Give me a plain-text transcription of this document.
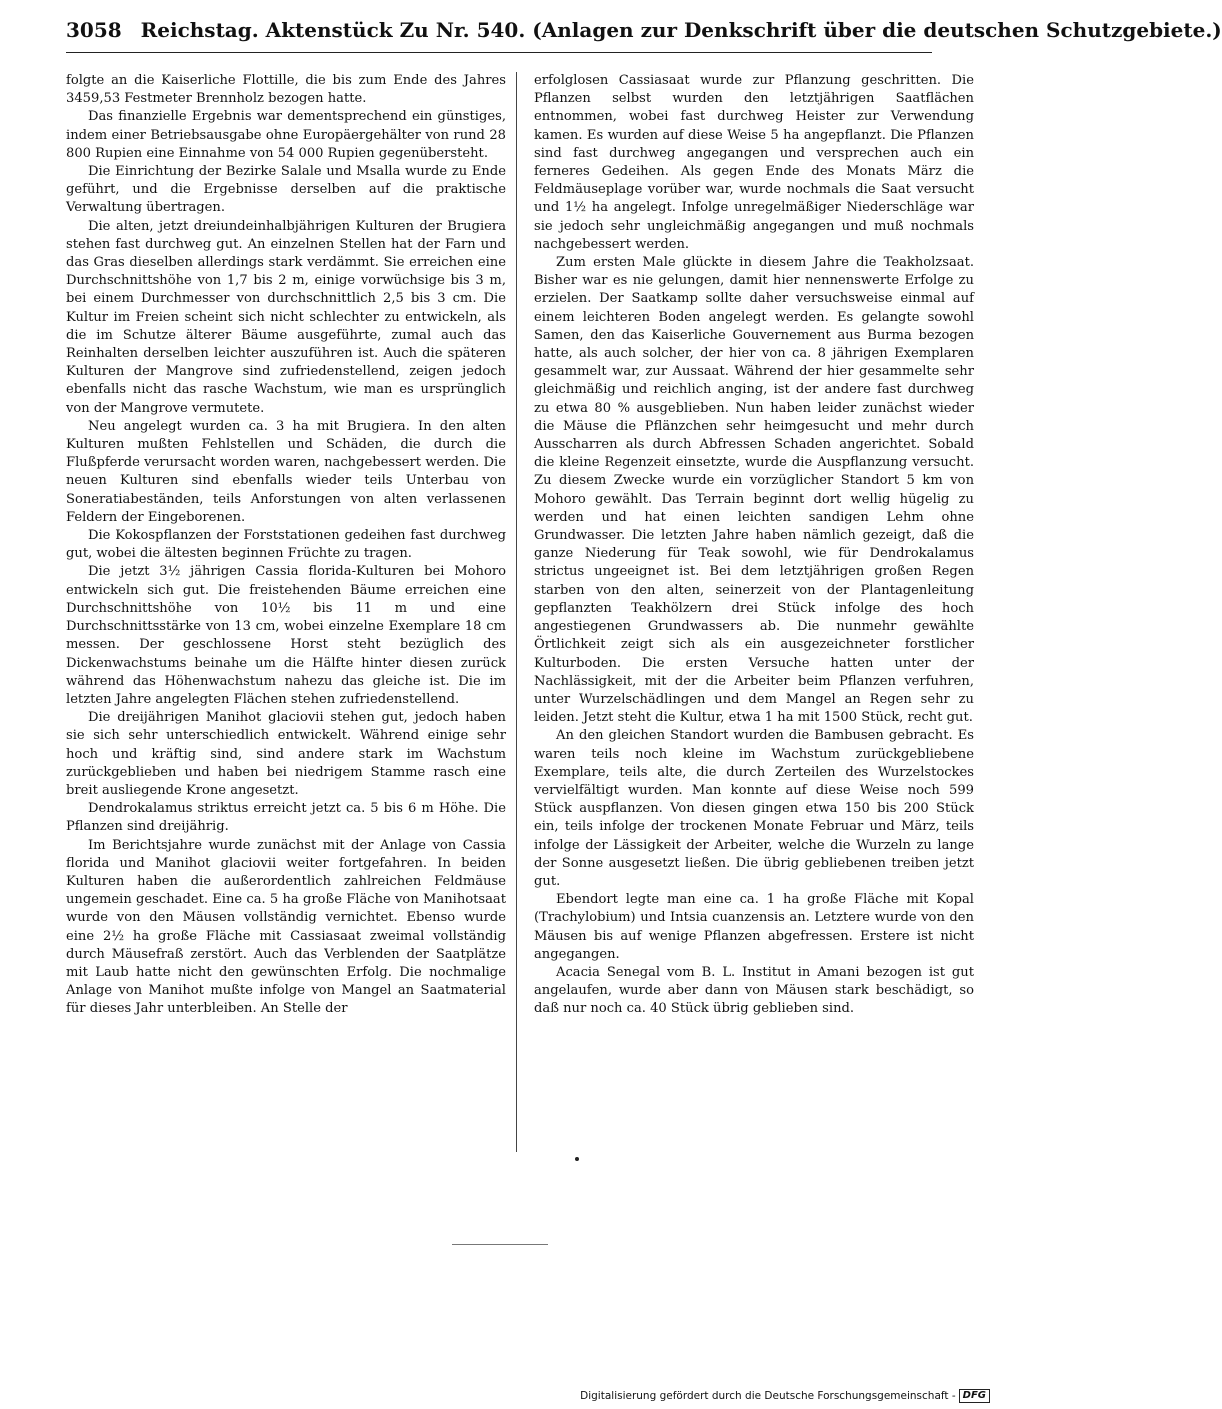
3058 Reichstag. Aktenstück Zu Nr. 540. (Anlagen zur Denkschrift über die deutschen Schutzgebiete.)

folgte an die Kaiserliche Flottille, die bis zum Ende des Jahres 3459,53 Festmeter Brennholz bezogen hatte.

Das finanzielle Ergebnis war dementsprechend ein günstiges, indem einer Betriebsausgabe ohne Europäergehälter von rund 28 800 Rupien eine Einnahme von 54 000 Rupien gegenübersteht.

Die Einrichtung der Bezirke Salale und Msalla wurde zu Ende geführt, und die Ergebnisse derselben auf die praktische Verwaltung übertragen.

Die alten, jetzt dreiundeinhalbjährigen Kulturen der Brugiera stehen fast durchweg gut. An einzelnen Stellen hat der Farn und das Gras dieselben allerdings stark verdämmt. Sie erreichen eine Durchschnittshöhe von 1,7 bis 2 m, einige vorwüchsige bis 3 m, bei einem Durchmesser von durchschnittlich 2,5 bis 3 cm. Die Kultur im Freien scheint sich nicht schlechter zu entwickeln, als die im Schutze älterer Bäume ausgeführte, zumal auch das Reinhalten derselben leichter auszuführen ist. Auch die späteren Kulturen der Mangrove sind zufriedenstellend, zeigen jedoch ebenfalls nicht das rasche Wachstum, wie man es ursprünglich von der Mangrove vermutete.

Neu angelegt wurden ca. 3 ha mit Brugiera. In den alten Kulturen mußten Fehlstellen und Schäden, die durch die Flußpferde verursacht worden waren, nachgebessert werden. Die neuen Kulturen sind ebenfalls wieder teils Unterbau von Soneratiabeständen, teils Anforstungen von alten verlassenen Feldern der Eingeborenen.

Die Kokospflanzen der Forststationen gedeihen fast durchweg gut, wobei die ältesten beginnen Früchte zu tragen.

Die jetzt 3½ jährigen Cassia florida-Kulturen bei Mohoro entwickeln sich gut. Die freistehenden Bäume erreichen eine Durchschnittshöhe von 10½ bis 11 m und eine Durchschnittsstärke von 13 cm, wobei einzelne Exemplare 18 cm messen. Der geschlossene Horst steht bezüglich des Dickenwachstums beinahe um die Hälfte hinter diesen zurück während das Höhenwachstum nahezu das gleiche ist. Die im letzten Jahre angelegten Flächen stehen zufriedenstellend.

Die dreijährigen Manihot glaciovii stehen gut, jedoch haben sie sich sehr unterschiedlich entwickelt. Während einige sehr hoch und kräftig sind, sind andere stark im Wachstum zurückgeblieben und haben bei niedrigem Stamme rasch eine breit ausliegende Krone angesetzt.

Dendrokalamus striktus erreicht jetzt ca. 5 bis 6 m Höhe. Die Pflanzen sind dreijährig.

Im Berichtsjahre wurde zunächst mit der Anlage von Cassia florida und Manihot glaciovii weiter fortgefahren. In beiden Kulturen haben die außerordentlich zahlreichen Feldmäuse ungemein geschadet. Eine ca. 5 ha große Fläche von Manihotsaat wurde von den Mäusen vollständig vernichtet. Ebenso wurde eine 2½ ha große Fläche mit Cassiasaat zweimal vollständig durch Mäusefraß zerstört. Auch das Verblenden der Saatplätze mit Laub hatte nicht den gewünschten Erfolg. Die nochmalige Anlage von Manihot mußte infolge von Mangel an Saatmaterial für dieses Jahr unterbleiben. An Stelle der

erfolglosen Cassiasaat wurde zur Pflanzung geschritten. Die Pflanzen selbst wurden den letztjährigen Saatflächen entnommen, wobei fast durchweg Heister zur Verwendung kamen. Es wurden auf diese Weise 5 ha angepflanzt. Die Pflanzen sind fast durchweg angegangen und versprechen auch ein ferneres Gedeihen. Als gegen Ende des Monats März die Feldmäuseplage vorüber war, wurde nochmals die Saat versucht und 1½ ha angelegt. Infolge unregelmäßiger Niederschläge war sie jedoch sehr ungleichmäßig angegangen und muß nochmals nachgebessert werden.

Zum ersten Male glückte in diesem Jahre die Teakholzsaat. Bisher war es nie gelungen, damit hier nennenswerte Erfolge zu erzielen. Der Saatkamp sollte daher versuchsweise einmal auf einem leichteren Boden angelegt werden. Es gelangte sowohl Samen, den das Kaiserliche Gouvernement aus Burma bezogen hatte, als auch solcher, der hier von ca. 8 jährigen Exemplaren gesammelt war, zur Aussaat. Während der hier gesammelte sehr gleichmäßig und reichlich anging, ist der andere fast durchweg zu etwa 80 % ausgeblieben. Nun haben leider zunächst wieder die Mäuse die Pflänzchen sehr heimgesucht und mehr durch Ausscharren als durch Abfressen Schaden angerichtet. Sobald die kleine Regenzeit einsetzte, wurde die Auspflanzung versucht. Zu diesem Zwecke wurde ein vorzüglicher Standort 5 km von Mohoro gewählt. Das Terrain beginnt dort wellig hügelig zu werden und hat einen leichten sandigen Lehm ohne Grundwasser. Die letzten Jahre haben nämlich gezeigt, daß die ganze Niederung für Teak sowohl, wie für Dendrokalamus strictus ungeeignet ist. Bei dem letztjährigen großen Regen starben von den alten, seinerzeit von der Plantagenleitung gepflanzten Teakhölzern drei Stück infolge des hoch angestiegenen Grundwassers ab. Die nunmehr gewählte Örtlichkeit zeigt sich als ein ausgezeichneter forstlicher Kulturboden. Die ersten Versuche hatten unter der Nachlässigkeit, mit der die Arbeiter beim Pflanzen verfuhren, unter Wurzelschädlingen und dem Mangel an Regen sehr zu leiden. Jetzt steht die Kultur, etwa 1 ha mit 1500 Stück, recht gut.

An den gleichen Standort wurden die Bambusen gebracht. Es waren teils noch kleine im Wachstum zurückgebliebene Exemplare, teils alte, die durch Zerteilen des Wurzelstockes vervielfältigt wurden. Man konnte auf diese Weise noch 599 Stück auspflanzen. Von diesen gingen etwa 150 bis 200 Stück ein, teils infolge der trockenen Monate Februar und März, teils infolge der Lässigkeit der Arbeiter, welche die Wurzeln zu lange der Sonne ausgesetzt ließen. Die übrig gebliebenen treiben jetzt gut.

Ebendort legte man eine ca. 1 ha große Fläche mit Kopal (Trachylobium) und Intsia cuanzensis an. Letztere wurde von den Mäusen bis auf wenige Pflanzen abgefressen. Erstere ist nicht angegangen.

Acacia Senegal vom B. L. Institut in Amani bezogen ist gut angelaufen, wurde aber dann von Mäusen stark beschädigt, so daß nur noch ca. 40 Stück übrig geblieben sind.

Digitalisierung gefördert durch die Deutsche Forschungsgemeinschaft - DFG
